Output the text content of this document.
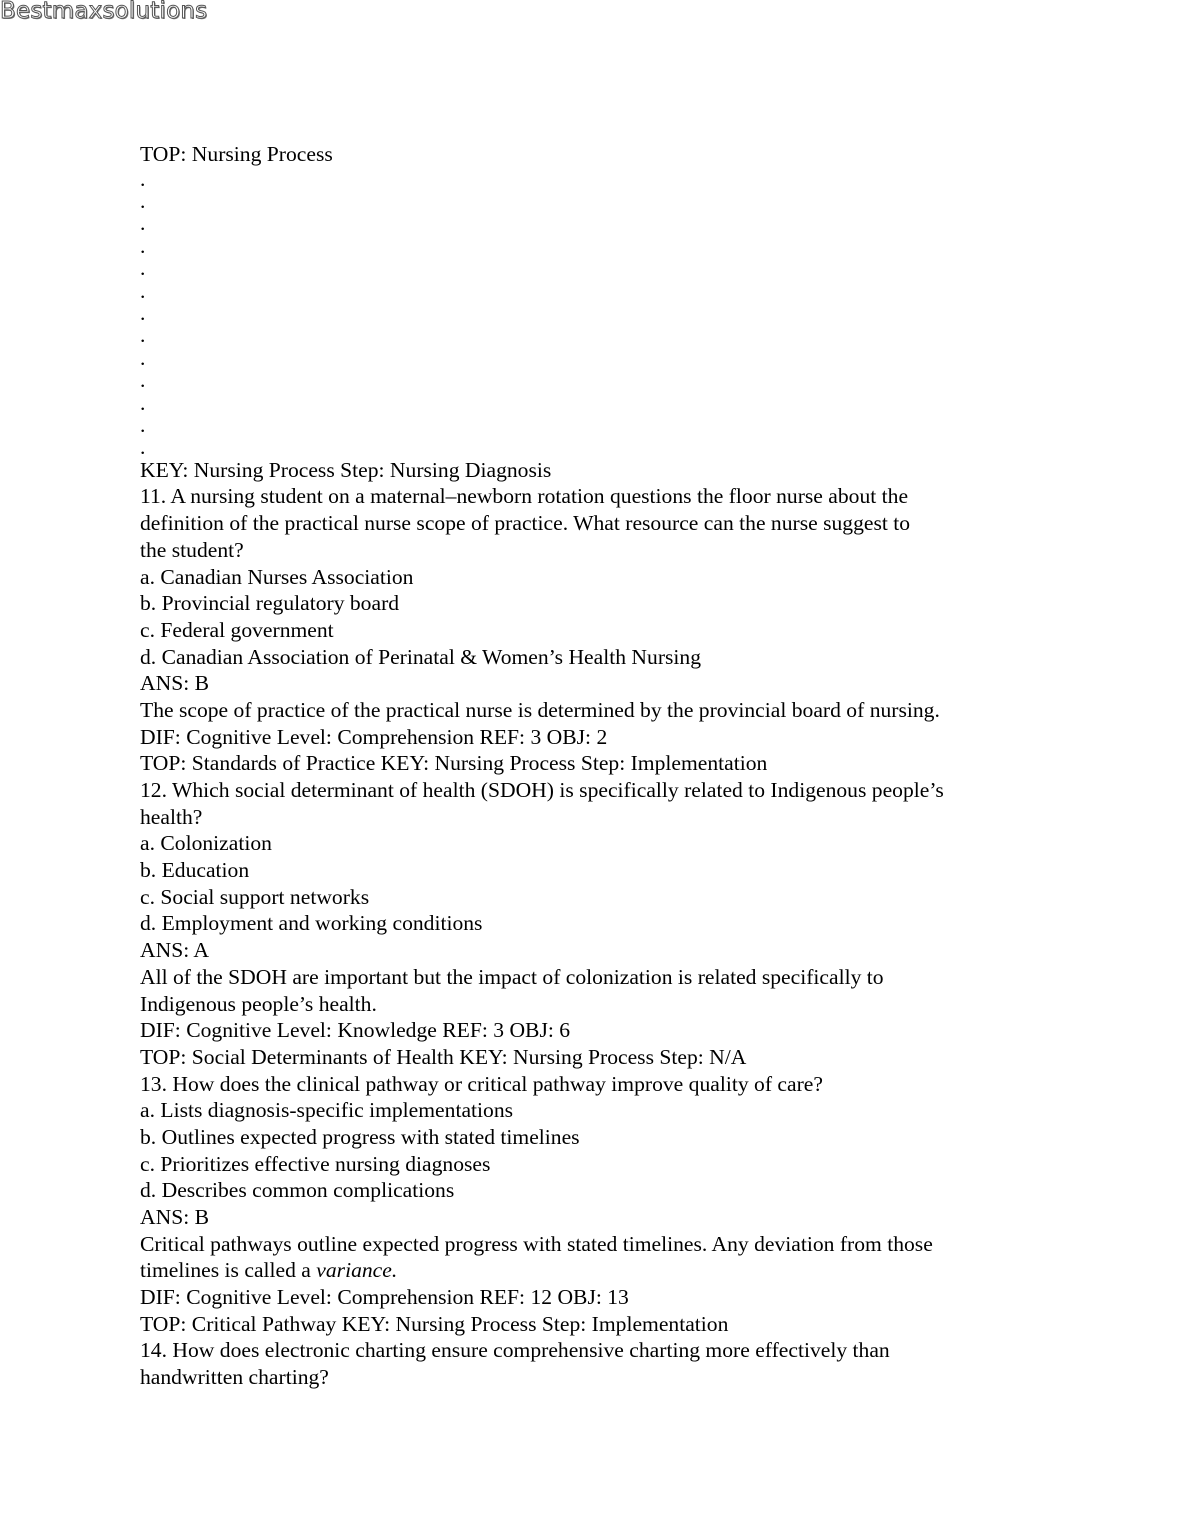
Bestmaxsolutions
TOP: Nursing Process
.
.
.
.
.
.
.
.
.
.
.
.
.
KEY: Nursing Process Step: Nursing Diagnosis
11. A nursing student on a maternal–newborn rotation questions the floor nurse about the
definition of the practical nurse scope of practice. What resource can the nurse suggest to
the student?
a. Canadian Nurses Association
b. Provincial regulatory board
c. Federal government
d. Canadian Association of Perinatal & Women’s Health Nursing
ANS: B
The scope of practice of the practical nurse is determined by the provincial board of nursing.
DIF: Cognitive Level: Comprehension REF: 3 OBJ: 2
TOP: Standards of Practice KEY: Nursing Process Step: Implementation
12. Which social determinant of health (SDOH) is specifically related to Indigenous people’s
health?
a. Colonization
b. Education
c. Social support networks
d. Employment and working conditions
ANS: A
All of the SDOH are important but the impact of colonization is related specifically to
Indigenous people’s health.
DIF: Cognitive Level: Knowledge REF: 3 OBJ: 6
TOP: Social Determinants of Health KEY: Nursing Process Step: N/A
13. How does the clinical pathway or critical pathway improve quality of care?
a. Lists diagnosis-specific implementations
b. Outlines expected progress with stated timelines
c. Prioritizes effective nursing diagnoses
d. Describes common complications
ANS: B
Critical pathways outline expected progress with stated timelines. Any deviation from those
timelines is called a variance.
DIF: Cognitive Level: Comprehension REF: 12 OBJ: 13
TOP: Critical Pathway KEY: Nursing Process Step: Implementation
14. How does electronic charting ensure comprehensive charting more effectively than
handwritten charting?
